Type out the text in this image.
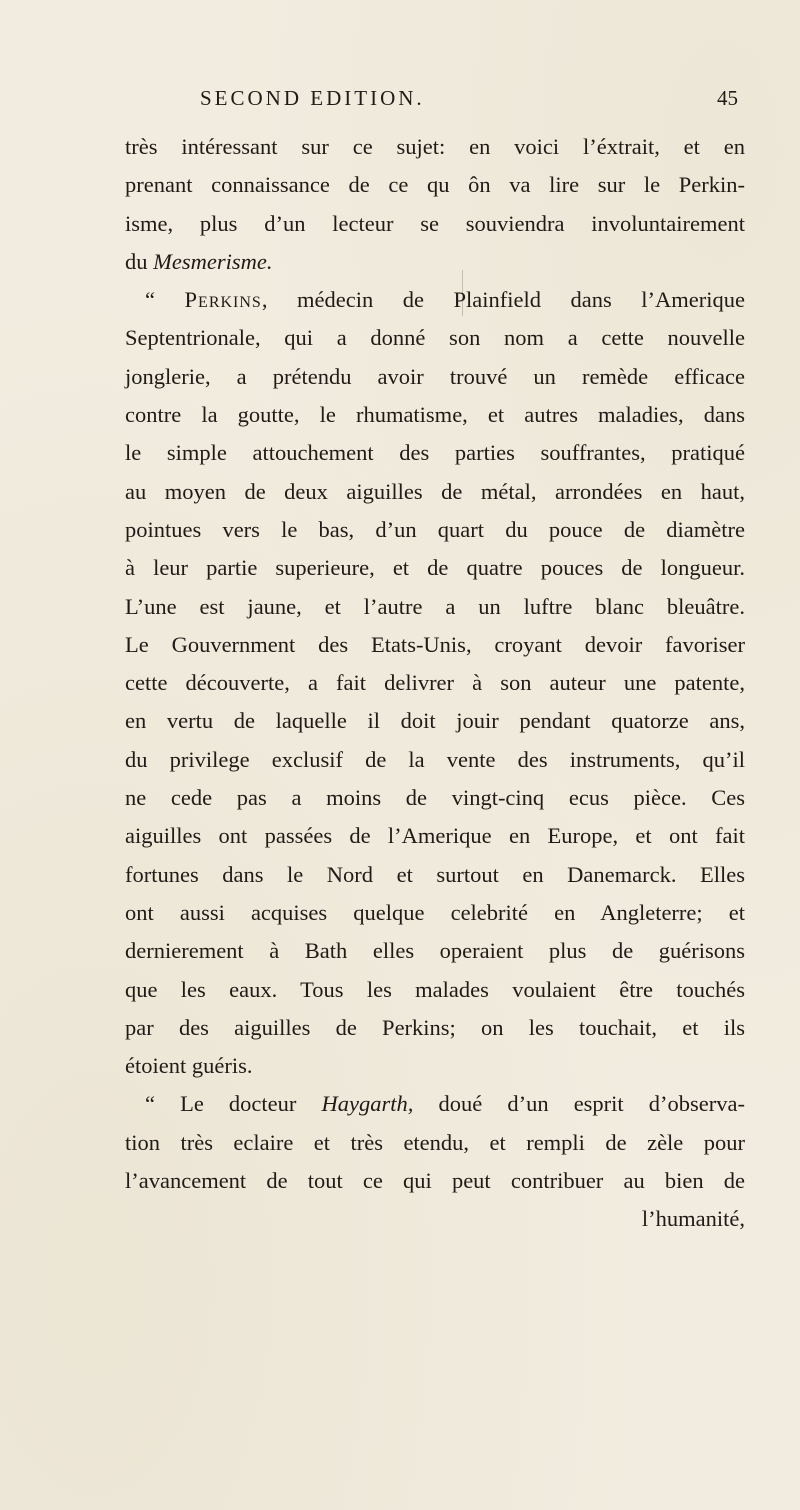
SECOND EDITION.	45
très intéressant sur ce sujet: en voici l’éxtrait, et en
prenant connaissance de ce qu ôn va lire sur le Perkin-
isme, plus d’un lecteur se souviendra involuntairement
du Mesmerisme.
“ Perkins, médecin de Plainfield dans l’Amerique
Septentrionale, qui a donné son nom a cette nouvelle
jonglerie, a prétendu avoir trouvé un remède efficace
contre la goutte, le rhumatisme, et autres maladies, dans
le simple attouchement des parties souffrantes, pratiqué
au moyen de deux aiguilles de métal, arrondées en haut,
pointues vers le bas, d’un quart du pouce de diamètre
à leur partie superieure, et de quatre pouces de longueur.
L’une est jaune, et l’autre a un luftre blanc bleuâtre.
Le Gouvernment des Etats-Unis, croyant devoir favoriser
cette découverte, a fait delivrer à son auteur une patente,
en vertu de laquelle il doit jouir pendant quatorze ans,
du privilege exclusif de la vente des instruments, qu’il
ne cede pas a moins de vingt-cinq ecus pièce. Ces
aiguilles ont passées de l’Amerique en Europe, et ont fait
fortunes dans le Nord et surtout en Danemarck. Elles
ont aussi acquises quelque celebrité en Angleterre; et
dernierement à Bath elles operaient plus de guérisons
que les eaux. Tous les malades voulaient être touchés
par des aiguilles de Perkins; on les touchait, et ils
étoient guéris.
“ Le docteur Haygarth, doué d’un esprit d’observa-
tion très eclaire et très etendu, et rempli de zèle pour
l’avancement de tout ce qui peut contribuer au bien de
l’humanité,
